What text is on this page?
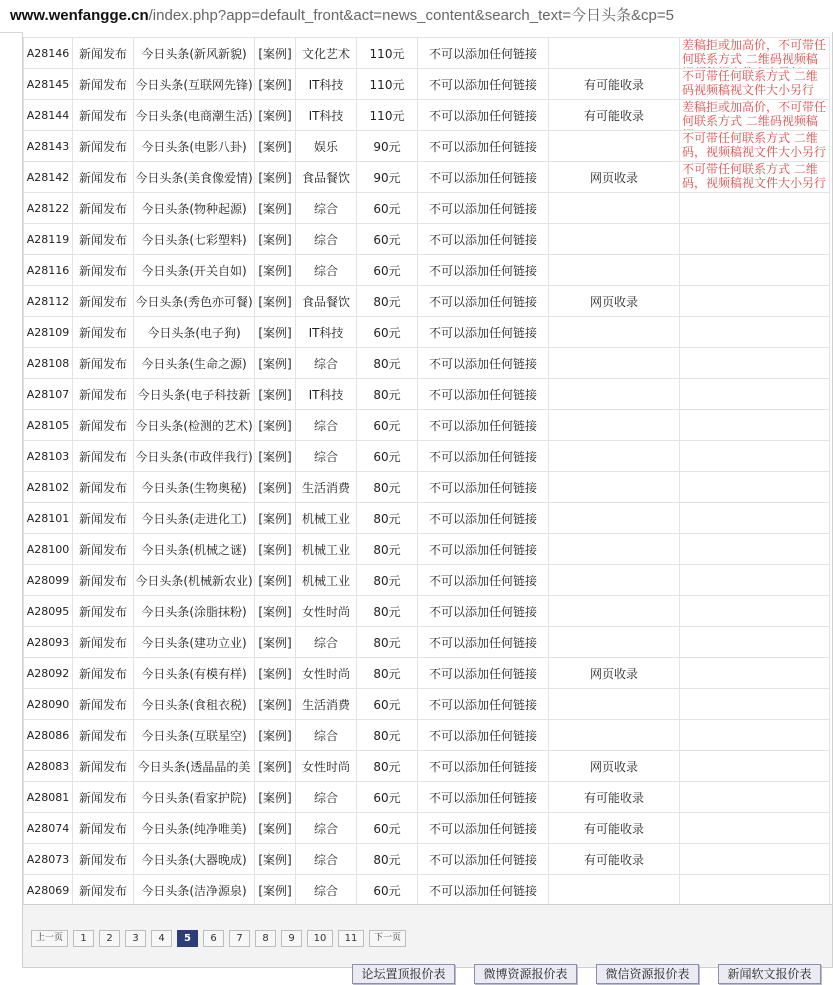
www.wenfangge.cn/index.php?app=default_front&act=news_content&search_text=今日头条&cp=5
A28146	新闻发布	今日头条(新风新貌)	[案例]	文化艺术	110元	不可以添加任何链接		差稿拒或加高价，不可带任何联系方式 二维码视频稿

A28145	新闻发布	今日头条(互联网先锋)	[案例]	IT科技	110元	不可以添加任何链接	有可能收录	不可带任何联系方式 二维码视频稿视文件大小另行

A28144	新闻发布	今日头条(电商潮生活)	[案例]	IT科技	110元	不可以添加任何链接	有可能收录	差稿拒或加高价，不可带任何联系方式 二维码视频稿

A28143	新闻发布	今日头条(电影八卦)	[案例]	娱乐	90元	不可以添加任何链接		不可带任何联系方式 二维码，视频稿视文件大小另行

A28142	新闻发布	今日头条(美食像爱情)	[案例]	食品餐饮	90元	不可以添加任何链接	网页收录	不可带任何联系方式 二维码，视频稿视文件大小另行

A28122	新闻发布	今日头条(物种起源)	[案例]	综合	60元	不可以添加任何链接		

A28119	新闻发布	今日头条(七彩塑料)	[案例]	综合	60元	不可以添加任何链接		

A28116	新闻发布	今日头条(开关自如)	[案例]	综合	60元	不可以添加任何链接		

A28112	新闻发布	今日头条(秀色亦可餐)	[案例]	食品餐饮	80元	不可以添加任何链接	网页收录	

A28109	新闻发布	今日头条(电子狗)	[案例]	IT科技	60元	不可以添加任何链接		

A28108	新闻发布	今日头条(生命之源)	[案例]	综合	80元	不可以添加任何链接		

A28107	新闻发布	今日头条(电子科技新	[案例]	IT科技	80元	不可以添加任何链接		

A28105	新闻发布	今日头条(检测的艺术)	[案例]	综合	60元	不可以添加任何链接		

A28103	新闻发布	今日头条(市政伴我行)	[案例]	综合	60元	不可以添加任何链接		

A28102	新闻发布	今日头条(生物奥秘)	[案例]	生活消费	80元	不可以添加任何链接		

A28101	新闻发布	今日头条(走进化工)	[案例]	机械工业	80元	不可以添加任何链接		

A28100	新闻发布	今日头条(机械之谜)	[案例]	机械工业	80元	不可以添加任何链接		

A28099	新闻发布	今日头条(机械新农业)	[案例]	机械工业	80元	不可以添加任何链接		

A28095	新闻发布	今日头条(涂脂抹粉)	[案例]	女性时尚	80元	不可以添加任何链接		

A28093	新闻发布	今日头条(建功立业)	[案例]	综合	80元	不可以添加任何链接		

A28092	新闻发布	今日头条(有模有样)	[案例]	女性时尚	80元	不可以添加任何链接	网页收录	

A28090	新闻发布	今日头条(食租衣税)	[案例]	生活消费	60元	不可以添加任何链接		

A28086	新闻发布	今日头条(互联星空)	[案例]	综合	80元	不可以添加任何链接		

A28083	新闻发布	今日头条(透晶晶的美	[案例]	女性时尚	80元	不可以添加任何链接	网页收录	

A28081	新闻发布	今日头条(看家护院)	[案例]	综合	60元	不可以添加任何链接	有可能收录	

A28074	新闻发布	今日头条(纯净唯美)	[案例]	综合	60元	不可以添加任何链接	有可能收录	

A28073	新闻发布	今日头条(大器晚成)	[案例]	综合	80元	不可以添加任何链接	有可能收录	

A28069	新闻发布	今日头条(洁净源泉)	[案例]	综合	60元	不可以添加任何链接		
上一页	1	2	3	4	5	6	7	8	9	10	11	下一页
论坛置顶报价表	微博资源报价表	微信资源报价表	新闻软文报价表
